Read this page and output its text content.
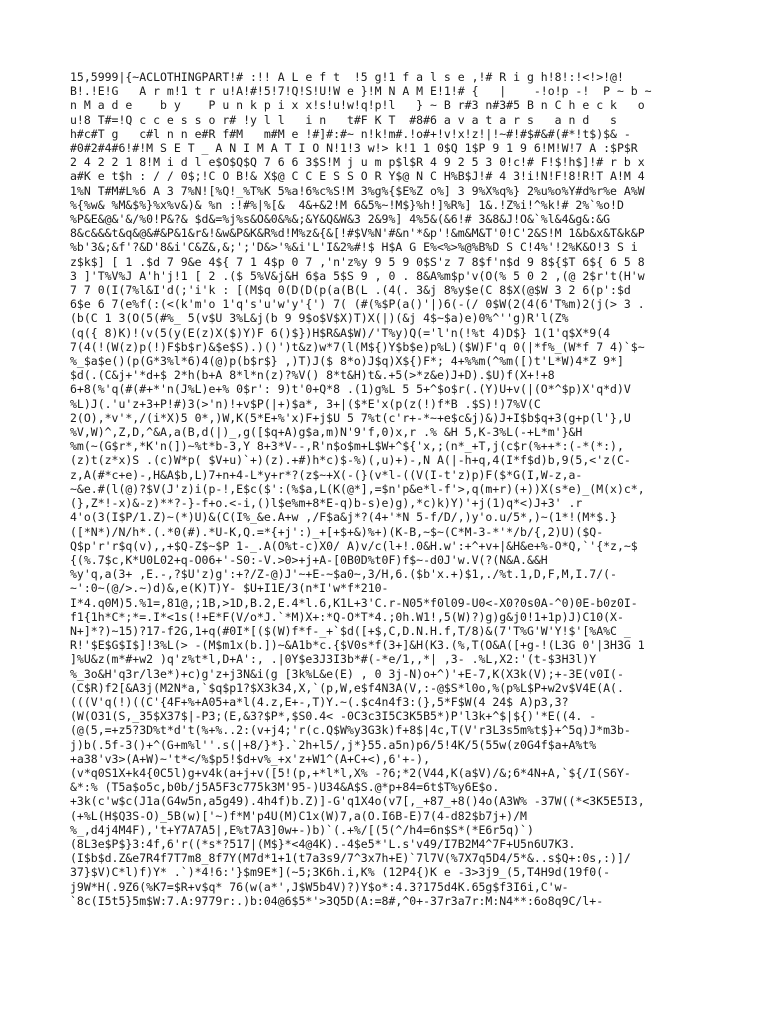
15,5999|{~ACLOTHINGPART!# :!! A L e f t  !5 g!1 f a l s e ,!# R i g h!8!:!<!>!@!
B!.!E!G   A r m!1 t r u!A!#!5!7!Q!S!U!W e }!M N A M E!1!# {   |    -!o!p -!  P ~ b ~
n M a d e    b y    P u n k p i x x!s!u!w!q!p!l   } ~ B r#3 n#3#5 B n C h e c k   o
u!8 T#=!Q c c e s s o r# !y l l   i n   t#F K T  #8#6 a v a t a r s   a n d   s
h#c#T g   c#l n n e#R f#M   m#M e !#]#:#~ n!k!m#.!o#+!v!x!z!|!~#!#$#&#(#*!t$)$& -
#0#2#4#6!#!M S E T _ A N I M A T I O N!1!3 w!> k!1 1 0$Q 1$P 9 1 9 6!M!W!7 A :$P$R
2 4 2 2 1 8!M i d l e$O$Q$Q 7 6 6 3$S!M j u m p$l$R 4 9 2 5 3 0!c!# F!$!h$]!# r b x
a#K e t$h : / / 0$;!C O B!& X$@ C C E S S O R Y$@ N C H%B$J!# 4 3!i!N!F!8!R!T A!M 4
1%N T#M#L%6 A 3 7%N![%Q!_%T%K 5%a!6%c%S!M 3%g%{$E%Z o%] 3 9%X%q%} 2%u%o%Y#d%r%e A%W
%{%w& %M&$%}%x%v&)& %n :!#%|%[&  4&+&2!M 6&5%~!M$}%h!]%R%] 1&.!Z%i!^%k!# 2%`%o!D
%P&E&@&'&/%0!P&?& $d&=%j%s&O&0&%&;&Y&Q&W&3 2&9%] 4%5&(&6!# 3&8&J!O&`%l&4&g&:&G
8&c&&&t&q&@&#&P&1&r&!&w&P&K&R%d!M%z&{&[!#$V%N'#&n'*&p'!&m&M&T'0!C'2&S!M 1&b&x&T&k&P
%b'3&;&f'?&D'8&i'C&Z&,&;';'D&>'%&i'L'I&2%#!$ H$A G E%<%>%@%B%D S C!4%'!2%K&O!3 S i
z$k$] [ 1 .$d 7 9&e 4${ 7 1 4$p 0 7 ,'n'z%y 9 5 9 0$S'z 7 8$f'n$d 9 8${$T 6${ 6 5 8
3 ]'T%V%J A'h'j!1 [ 2 .($ 5%V&j&H 6$a 5$S 9 , 0 . 8&A%m$p'v(O(% 5 0 2 ,(@ 2$r't(H'w
7 7 0(I(7%l&I'd(;'i'k : [(M$q 0(D(D(p(a(B(L .(4(. 3&j 8%y$e(C 8$X(@$W 3 2 6(p':$d
6$e 6 7(e%f(:(<(k'm'o 1'q's'u'w'y'{') 7( (#(%$P(a()'|)6(-(/ 0$W(2(4(6'T%m)2(j(> 3 .
(b(C 1 3(O(5(#%_ 5(v$U 3%L&j(b 9 9$o$V$X)T)X(|)(&j 4$~$a)e)0%^''g)R'l(Z%
(q({ 8)K)!(v(5(y(E(z)X($)Y)F 6()$})H$R&A$W)/'T%y)Q(='l'n(!%t 4)D$} 1(1'q$X*9(4
7(4(!(W(z)p(!)F$b$r)&$e$S).)()')t&z)w*7(l(M${)Y$b$e)p%L)($W)F'q 0(|*f%_(W*f 7 4)`$~
%_$a$e()(p(G*3%l*6)4(@)p(b$r$} ,)T)J($ 8*o)J$q)X${)F*; 4+%%m(^%m([)t'L*W)4*Z 9*]
$d(.(C&j+'*d+$ 2*h(b+A 8*l*n(z)?%V() 8*t&H)t&.+5(>*z&e)J+D).$U)f(X+!+8
6+8(%'q(#(#+*'n(J%L)e+% 0$r': 9)t'0+Q*8 .(1)g%L 5 5+^$o$r(.(Y)U+v(|(O*^$p)X'q*d)V
%L)J(.'u'z+3+P!#)3(>'n)!+v$P(|+)$a*, 3+|($*E'x(p(z(!)f*B .$S)!)7%V(C
2(O),*v'*,/(i*X)5 0*,)W,K(5*E+%'x)F+j$U 5 7%t(c'r+-*~+e$c&j)&)J+I$b$q+3(g+p(l'},U
%V,W)^,Z,D,^&A,a(B,d(|)_,g([$q+A)g$a,m)N'9'f,0)x,r .% &H 5,K-3%L(-+L*m'}&H
%m(~(G$r*,*K'n(])~%t*b-3,Y 8+3*V--,R'n$o$m+L$W+^${'x,;(n*_+T,j(c$r(%++*:(-*(*:),
(z)t(z*x)S .(c)W*p( $V+u)`+)(z).+#)h*c)$-%)(,u)+)-,N A(|-h+q,4(I*f$d)b,9(5,<'z(C-
z,A(#*c+e)-,H&A$b,L)7+n+4-L*y+r*?(z$~+X(-(}(v*l-((V(I-t'z)p)F($*G(I,W-z,a-
~&e.#(l(@)?$V(J'z)i(p-!,E$c($':(%$a,L(K(@*],=$n'p&e*l-f'>,q(m+r)(+))X(s*e)_(M(x)c*,
(},Z*!-x)&-z)**?-}-f+o.<-i,()l$e%m+8*E-q)b-s)e)g),*c)k)Y)'+j(1)q*<)J+3' .r
4'o(3(I$P/1.Z)~(*)U)&(C(I%_&e.A+w ,/F$a&j*?(4+'*N 5-f/D/,)y'o.u/5*,)~(1*!(M*$.}
([*N*)/N/h*.(.*0(#).*U-K,Q.=*{+j':)_+[+$+&)%+)(K-B,~$~(C*M-3-*'*/b/{,2)U)($Q-
Q$p'r'r$q(v),,+$Q-Z$~$P 1-_.A(O%t-c)X0/ A)v/c(l+!.0&H.w':+^+v+|&H&e+%-O*Q,`'{*z,~$
{(%.7$c,K*U0L02+q-O06+'-S0:-V.>0>+j+A-[0B0D%t0F)f$~-d0J'w.V(?(N&A.&&H
%y'q,a(3+ ,E.-,?$U'z)g':+?/Z-@)J'~+E-~$a0~,3/H,6.($b'x.+)$1,./%t.1,D,F,M,I.7/(-
~':0~(@/>.~)d)&,e(K)T)Y- $U+I1E/3(n*I'w*f*210-
I*4.q0M)5.%1=,81@,;1B,>1D,B.2,E.4*l.6,K1L+3'C.r-N05*f0l09-U0<-X0?0s0A-^0)0E-b0z0I-
f1{1h*C*;*=.I*<1s(!+E*F(V/o*J.`*M)X+:*Q-O*T*4.;0h.W1!,5(W)?)g)g&j0!1+1p)J)C10(X-
N+]*?)~15)?17-f2G,1+q(#0I*[($(W)f*f-_+`$d([+$,C,D.N.H.f,T/8)&(7'T%G'W'Y!$'[%A%C _
R!'$E$G$I$]!3%L(> -(M$m1x(b.])~&A1b*c.{$V0s*f(3+]&H(K3.(%,T(O&A([+g-!(L3G 0'|3H3G 1
]%U&z(m*#+w2 )q'z%t*l,D+A':, .|0Y$e3J3I3b*#(-*e/1,,*| ,3- .%L,X2:'(t-$3H3l)Y
%_3o&H'q3r/l3e*)+c)g'z+j3N&i(g [3k%L&e(E) , 0 3j-N)o+^)'+E-7,K(X3k(V);+-3E(v0I(-
(C$R)f2[&A3j(M2N*a,`$q$p1?$X3k34,X,`(p,W,e$f4N3A(V,:-@$S*l0o,%(p%L$P+w2v$V4E(A(.
(((V'q(!)((C'{4F+%+A05+a*l(4.z,E+-,T)Y.~(.$c4n4f3:(},5*F$W(4 24$ A)p3,3?
(W(O31(S,_35$X37$|-P3;(E,&3?$P*,$S0.4< -0C3c3I5C3K5B5*)P'l3k+^$|${)'*E((4. -
(@(5,=+z5?3D%t*d't(%+%..2:(v+j4;'r(c.Q$W%y3G3k)f+8$|4c,T(V'r3L3s5m%t$}+^5q)J*m3b-
j)b(.5f-3()+^(G+m%l''.s(|+8/}*}.`2h+l5/,j*}55.a5n)p6/5!4K/5(55w(z0G4f$a+A%t%
+a38'v3>(A+W)~'t*</%$p5!$d+v%_+x'z+W1^(A+C+<),6'+-),
(v*q0S1X+k4{0C5l)g+v4k(a+j+v([5!(p,+*l*l,X% -?6;*2(V44,K(a$V)/&;6*4N+A,`${/I(S6Y-
&*:% (T5a$o5c,b0b/j5A5F3c775k3M'95-)U34&A$S.@*p+84=6t$T%y6E$o.
+3k(c'w$c(J1a(G4w5n,a5g49).4h4f)b.Z)]-G'q1X4o(v7[,_+87_+8()4o(A3W% -37W((*<3K5E5I3,
(+%L(H$Q3S-O)_5B(w)['~)f*M'p4U(M)C1x(W)7,a(O.I6B-E)7(4-d82$b7j+)/M
%_,d4j4M4F),'t+Y7A7A5|,E%t7A3]0w+-)b)`(.+%/[(5(^/h4=6n$S*(*E6r5q)`)
(8L3e$P$}3:4f,6'r((*s*?517|(M$}*<4@4K).-4$e5*'L.s'v49/I7B2M4^7F+U5n6U7K3.
(I$b$d.Z&e7R4f7T7m8_8f7Y(M7d*1+1(t7a3s9/7^3x7h+E)`7l7V(%7X7q5D4/5*&..s$Q+:0s,:)]/
37}$V)C*l)f)Y* .`)*4!6:'}$m9E*](~5;3K6h.i,K% (12P4{)K e -3>3j9_(5,T4H9d(19f0(-
j9W*H(.9Z6(%K7=$R+v$q* 76(w(a*',J$W5b4V)?)Y$o*:4.3?175d4K.65g$f3I6i,C'w-
`8c(I5t5}5m$W:7.A:9779r:.)b:04@6$5*'>3Q5D(A:=8#,^0+-37r3a7r:M:N4**:6o8q9C/l+-
